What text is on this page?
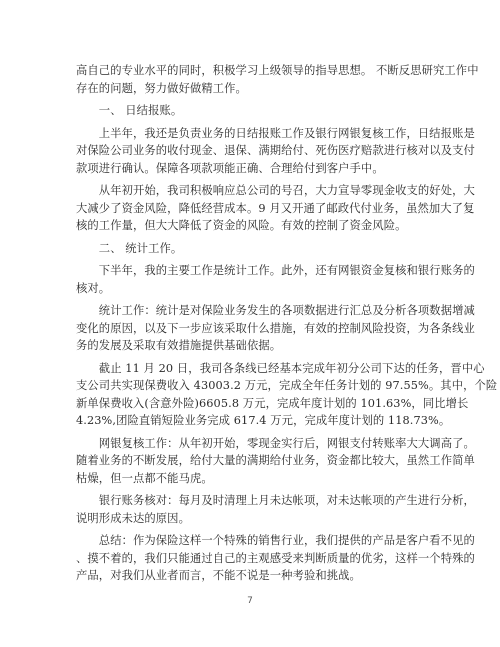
高自己的专业水平的同时，积极学习上级领导的指导思想。 不断反思研究工作中
存在的问题，努力做好做精工作。
　　一、 日结报账。
　　上半年，我还是负责业务的日结报账工作及银行网银复核工作，日结报账是
对保险公司业务的收付现金、退保、满期给付、死伤医疗赔款进行核对以及支付
款项进行确认。保障各项款项能正确、合理给付到客户手中。
　　从年初开始，我司积极响应总公司的号召，大力宣导零现金收支的好处，大
大减少了资金风险，降低经营成本。9 月又开通了邮政代付业务，虽然加大了复
核的工作量，但大大降低了资金的风险。有效的控制了资金风险。
　　二、 统计工作。
　　下半年，我的主要工作是统计工作。此外，还有网银资金复核和银行账务的
核对。
　　统计工作：统计是对保险业务发生的各项数据进行汇总及分析各项数据增减
变化的原因，以及下一步应该采取什么措施，有效的控制风险投资，为各条线业
务的发展及采取有效措施提供基础依据。
　　截止 11 月 20 日，我司各条线已经基本完成年初分公司下达的任务，晋中心
支公司共实现保费收入 43003.2 万元，完成全年任务计划的 97.55%。其中，个险
新单保费收入(含意外险)6605.8 万元，完成年度计划的 101.63%，同比增长
4.23%,团险直销短险业务完成 617.4 万元，完成年度计划的 118.73%。
　　网银复核工作：从年初开始，零现金实行后，网银支付转账率大大调高了。
随着业务的不断发展，给付大量的满期给付业务，资金都比较大，虽然工作简单
枯燥，但一点都不能马虎。
　　银行账务核对：每月及时清理上月未达帐项，对未达帐项的产生进行分析，
说明形成未达的原因。
　　总结：作为保险这样一个特殊的销售行业，我们提供的产品是客户看不见的
、摸不着的，我们只能通过自己的主观感受来判断质量的优劣，这样一个特殊的
产品，对我们从业者而言，不能不说是一种考验和挑战。
7
